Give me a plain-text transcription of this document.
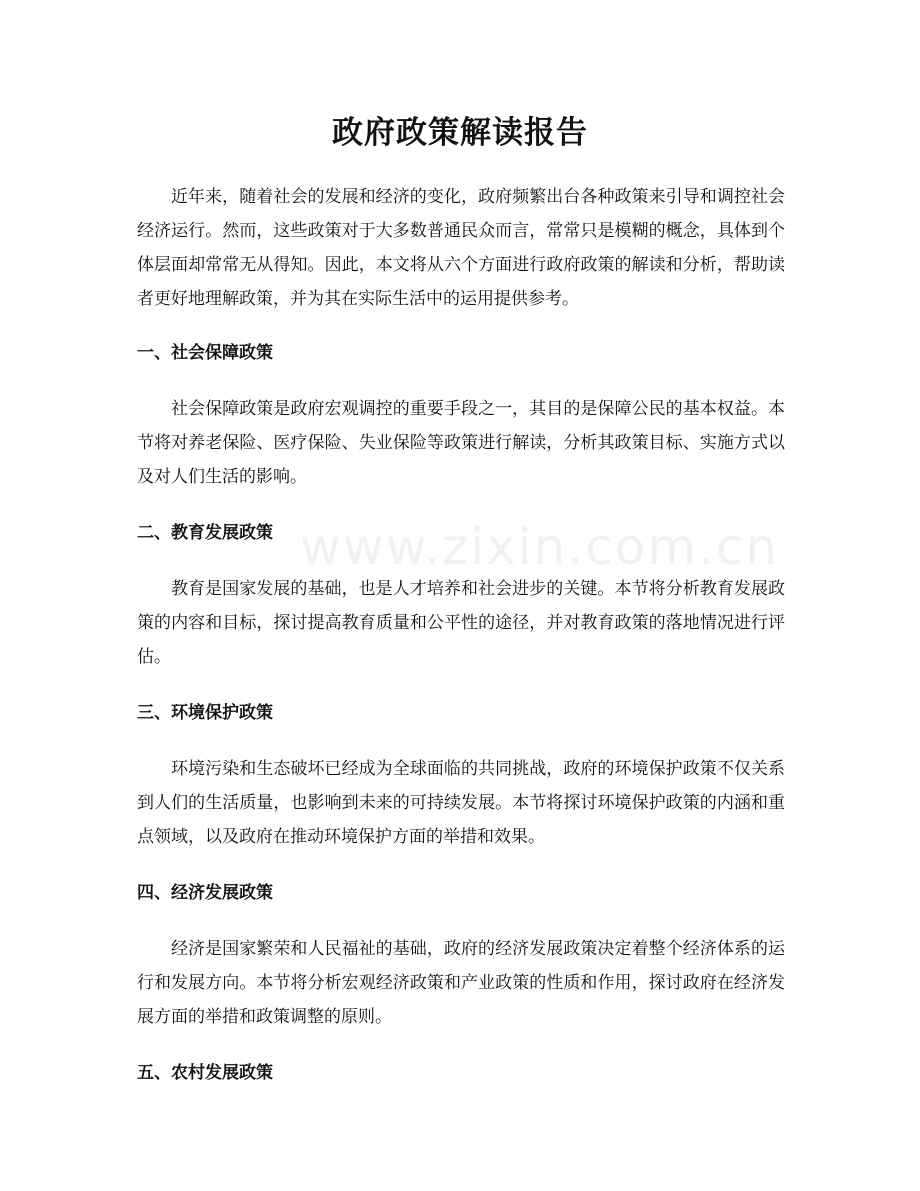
政府政策解读报告

近年来，随着社会的发展和经济的变化，政府频繁出台各种政策来引导和调控社会经济运行。然而，这些政策对于大多数普通民众而言，常常只是模糊的概念，具体到个体层面却常常无从得知。因此，本文将从六个方面进行政府政策的解读和分析，帮助读者更好地理解政策，并为其在实际生活中的运用提供参考。

一、社会保障政策

社会保障政策是政府宏观调控的重要手段之一，其目的是保障公民的基本权益。本节将对养老保险、医疗保险、失业保险等政策进行解读，分析其政策目标、实施方式以及对人们生活的影响。

二、教育发展政策

教育是国家发展的基础，也是人才培养和社会进步的关键。本节将分析教育发展政策的内容和目标，探讨提高教育质量和公平性的途径，并对教育政策的落地情况进行评估。

三、环境保护政策

环境污染和生态破坏已经成为全球面临的共同挑战，政府的环境保护政策不仅关系到人们的生活质量，也影响到未来的可持续发展。本节将探讨环境保护政策的内涵和重点领域，以及政府在推动环境保护方面的举措和效果。

四、经济发展政策

经济是国家繁荣和人民福祉的基础，政府的经济发展政策决定着整个经济体系的运行和发展方向。本节将分析宏观经济政策和产业政策的性质和作用，探讨政府在经济发展方面的举措和政策调整的原则。

五、农村发展政策
www.zixin.com.cn
